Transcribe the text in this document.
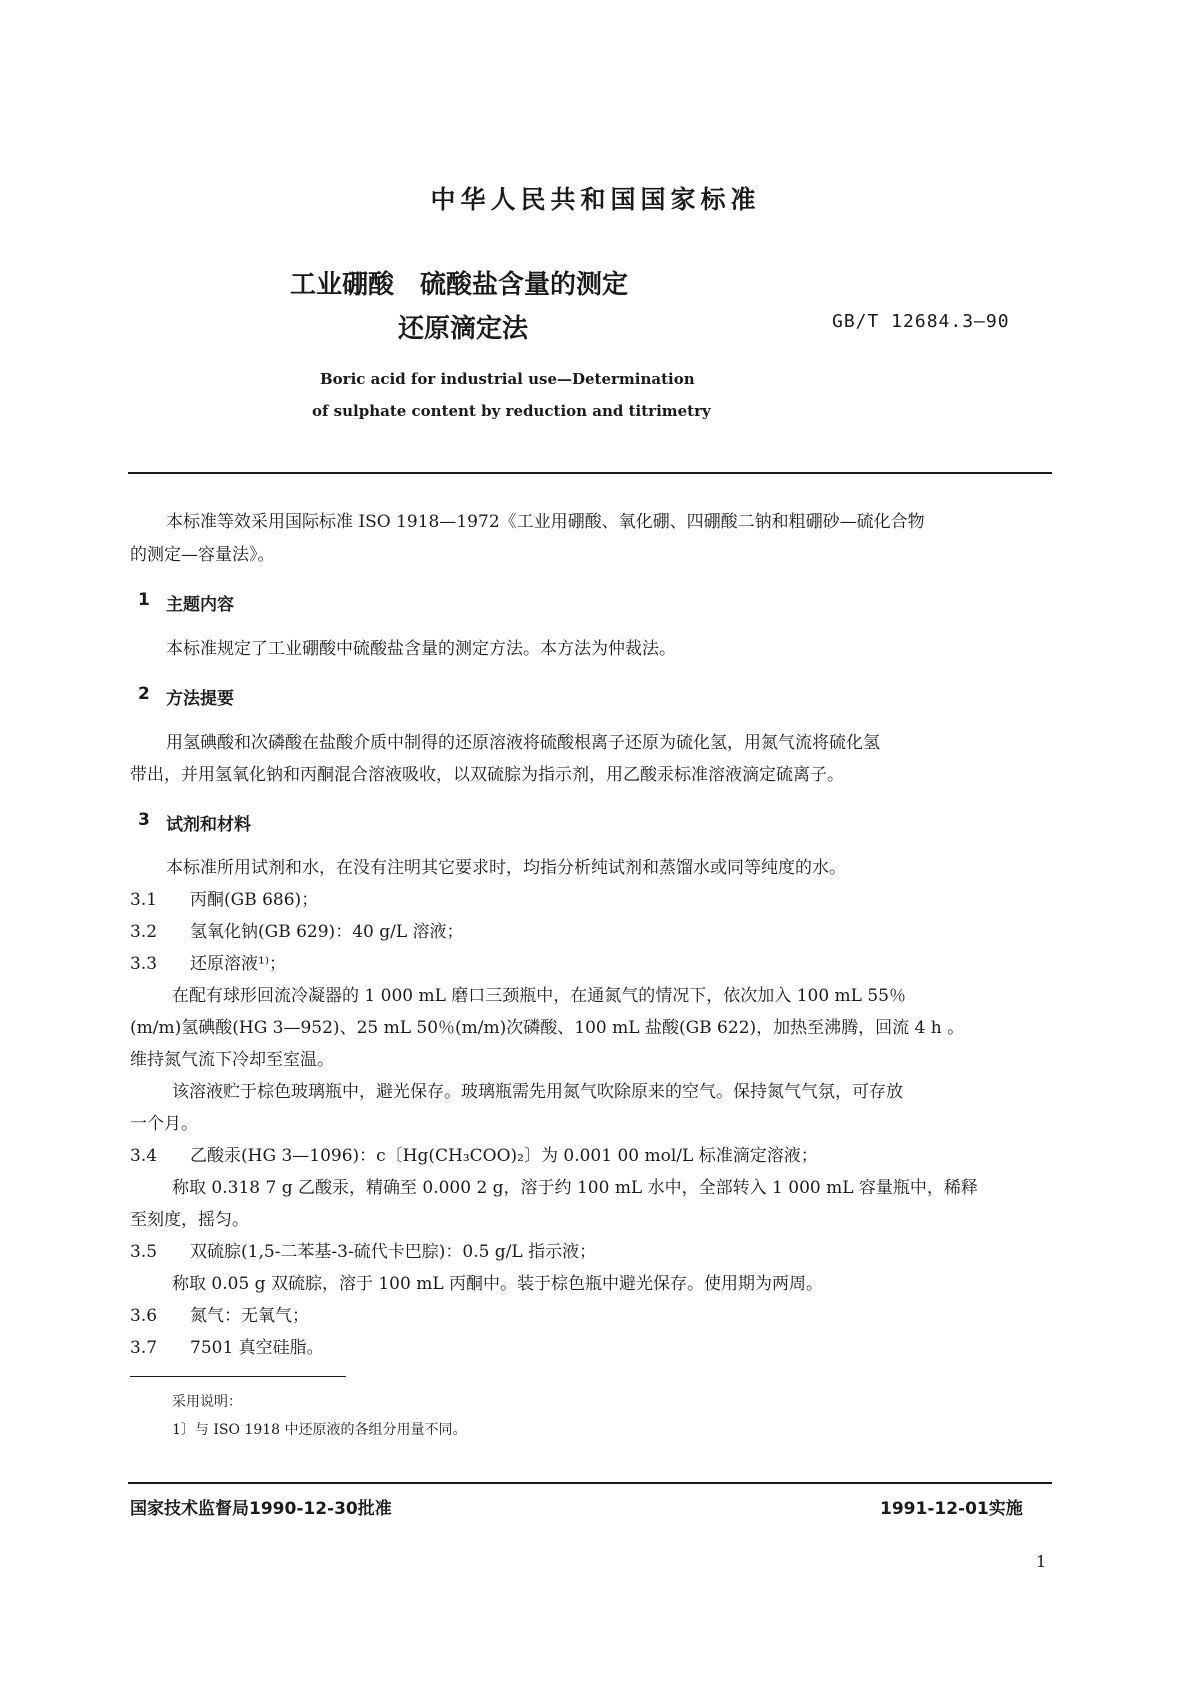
中华人民共和国国家标准
工业硼酸　硫酸盐含量的测定
还原滴定法	GB/T 12684.3—90
Boric acid for industrial use—Determination
of sulphate content by reduction and titrimetry
本标准等效采用国际标准 ISO 1918—1972《工业用硼酸、氧化硼、四硼酸二钠和粗硼砂—硫化合物
的测定—容量法》。
1 主题内容
本标准规定了工业硼酸中硫酸盐含量的测定方法。本方法为仲裁法。
2 方法提要
用氢碘酸和次磷酸在盐酸介质中制得的还原溶液将硫酸根离子还原为硫化氢，用氮气流将硫化氢
带出，并用氢氧化钠和丙酮混合溶液吸收，以双硫腙为指示剂，用乙酸汞标准溶液滴定硫离子。
3 试剂和材料
本标准所用试剂和水，在没有注明其它要求时，均指分析纯试剂和蒸馏水或同等纯度的水。
3.1 丙酮(GB 686)；
3.2 氢氧化钠(GB 629)：40 g/L 溶液；
3.3 还原溶液¹⁾；
在配有球形回流冷凝器的 1 000 mL 磨口三颈瓶中，在通氮气的情况下，依次加入 100 mL 55％
(m/m)氢碘酸(HG 3—952)、25 mL 50％(m/m)次磷酸、100 mL 盐酸(GB 622)，加热至沸腾，回流 4 h 。
维持氮气流下冷却至室温。
该溶液贮于棕色玻璃瓶中，避光保存。玻璃瓶需先用氮气吹除原来的空气。保持氮气气氛，可存放
一个月。
3.4 乙酸汞(HG 3—1096)：c〔Hg(CH₃COO)₂〕为 0.001 00 mol/L 标准滴定溶液；
称取 0.318 7 g 乙酸汞，精确至 0.000 2 g，溶于约 100 mL 水中，全部转入 1 000 mL 容量瓶中，稀释
至刻度，摇匀。
3.5 双硫腙(1,5-二苯基-3-硫代卡巴腙)：0.5 g/L 指示液；
称取 0.05 g 双硫腙，溶于 100 mL 丙酮中。装于棕色瓶中避光保存。使用期为两周。
3.6 氮气：无氧气；
3.7 7501 真空硅脂。
采用说明：
1〕与 ISO 1918 中还原液的各组分用量不同。
国家技术监督局1990-12-30批准	1991-12-01实施
1
